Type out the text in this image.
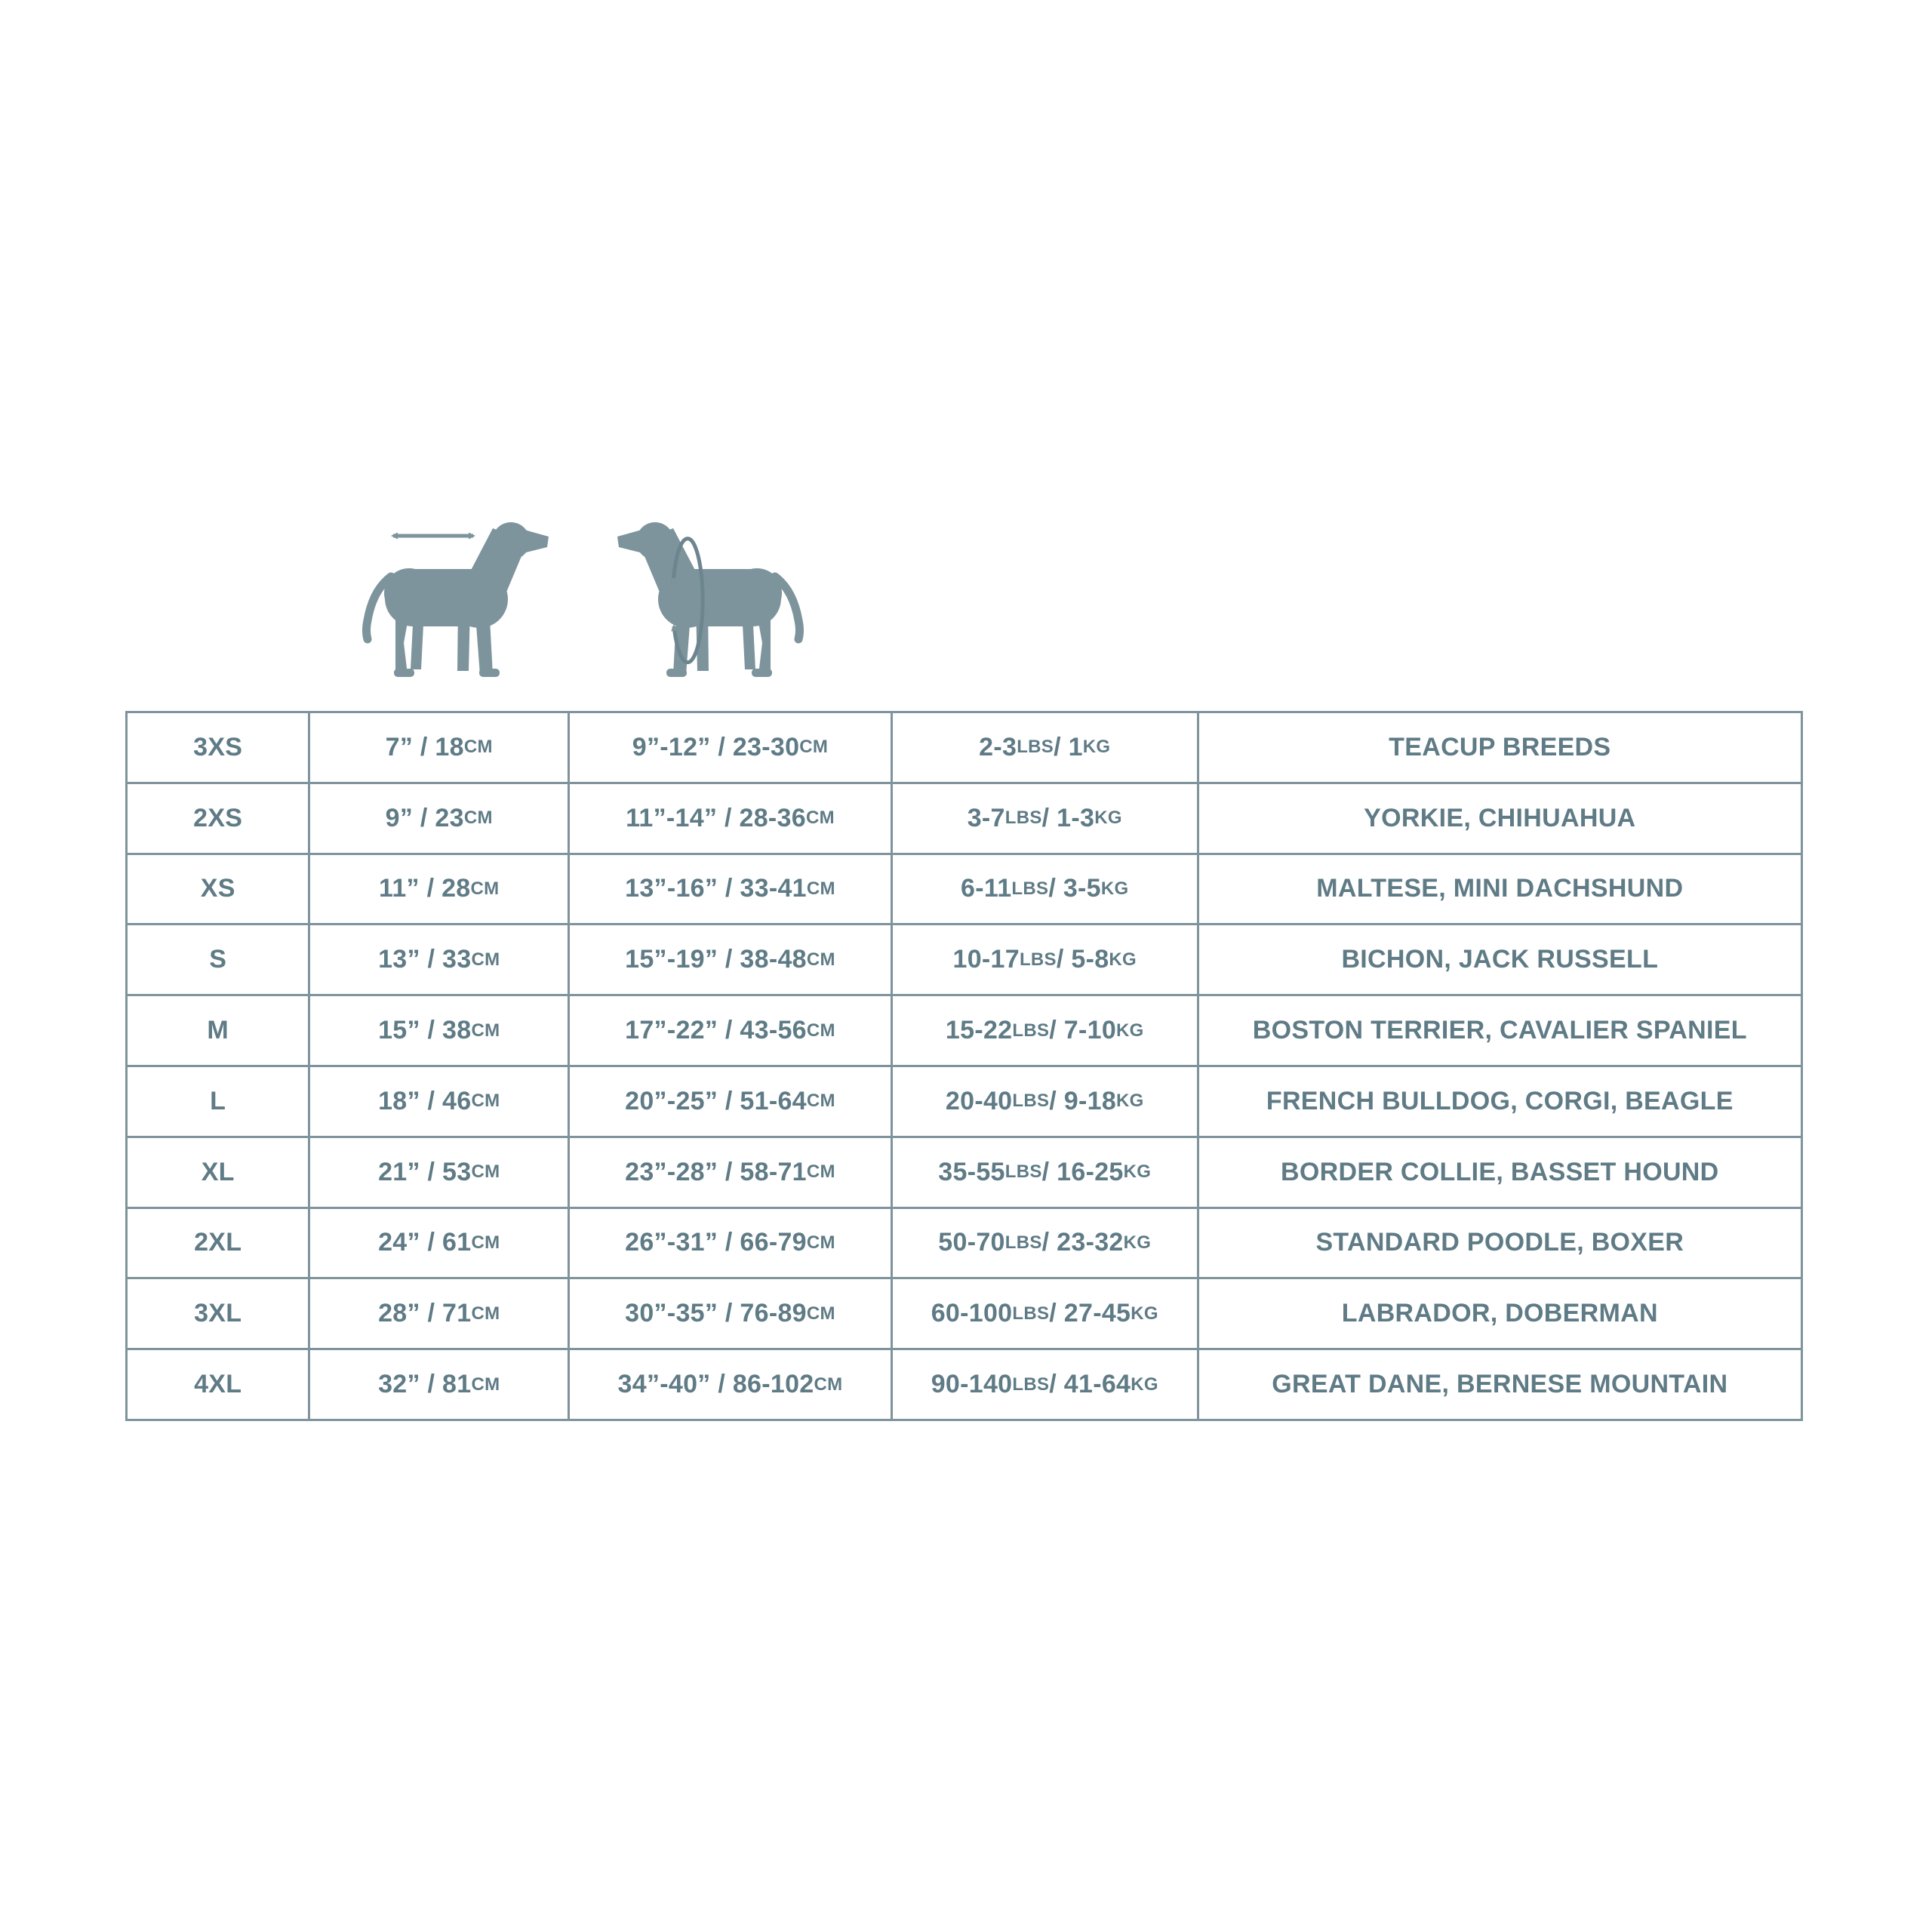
3XS	7” / 18 CM	9”-12” / 23-30 CM	2-3 LBS / 1 KG	TEACUP BREEDS
2XS	9” / 23 CM	11”-14” / 28-36 CM	3-7 LBS / 1-3 KG	YORKIE, CHIHUAHUA
XS	11” / 28 CM	13”-16” / 33-41 CM	6-11 LBS / 3-5 KG	MALTESE, MINI DACHSHUND
S	13” / 33 CM	15”-19” / 38-48 CM	10-17 LBS / 5-8 KG	BICHON, JACK RUSSELL
M	15” / 38 CM	17”-22” / 43-56 CM	15-22 LBS / 7-10 KG	BOSTON TERRIER, CAVALIER SPANIEL
L	18” / 46 CM	20”-25” / 51-64 CM	20-40 LBS / 9-18 KG	FRENCH BULLDOG, CORGI, BEAGLE
XL	21” / 53 CM	23”-28” / 58-71 CM	35-55 LBS / 16-25 KG	BORDER COLLIE, BASSET HOUND
2XL	24” / 61 CM	26”-31” / 66-79 CM	50-70 LBS / 23-32 KG	STANDARD POODLE, BOXER
3XL	28” / 71 CM	30”-35” / 76-89 CM	60-100 LBS / 27-45 KG	LABRADOR, DOBERMAN
4XL	32” / 81 CM	34”-40” / 86-102 CM	90-140 LBS / 41-64 KG	GREAT DANE, BERNESE MOUNTAIN
